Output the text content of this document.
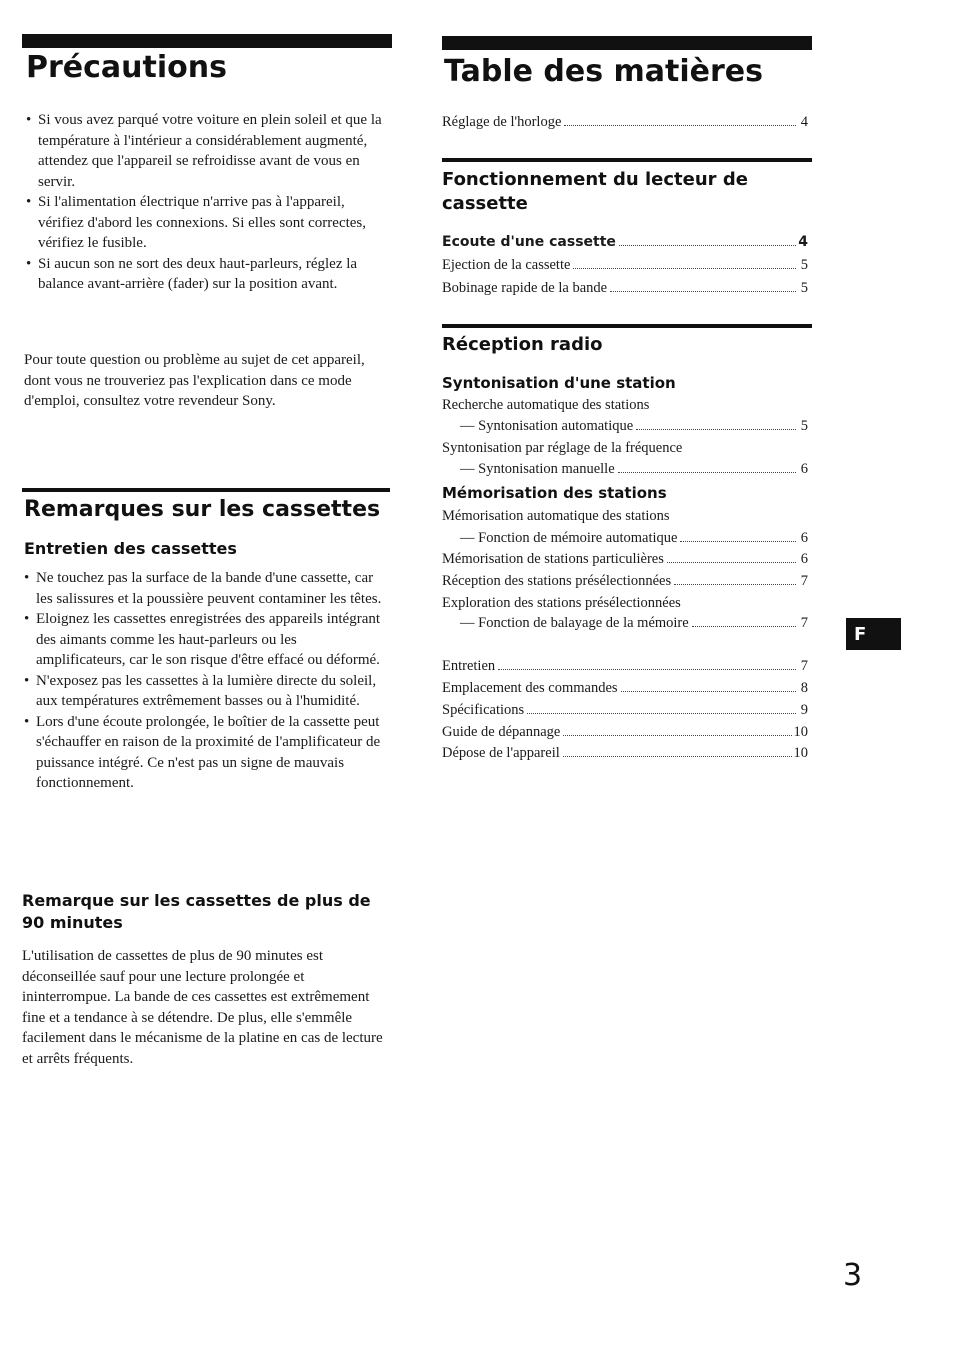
Précautions
• Si vous avez parqué votre voiture en plein soleil et que la température à l'intérieur a considérablement augmenté, attendez que l'appareil se refroidisse avant de vous en servir.
• Si l'alimentation électrique n'arrive pas à l'appareil, vérifiez d'abord les connexions. Si elles sont correctes, vérifiez le fusible.
• Si aucun son ne sort des deux haut-parleurs, réglez la balance avant-arrière (fader) sur la position avant.

Pour toute question ou problème au sujet de cet appareil, dont vous ne trouveriez pas l'explication dans ce mode d'emploi, consultez votre revendeur Sony.

Remarques sur les cassettes
Entretien des cassettes
• Ne touchez pas la surface de la bande d'une cassette, car les salissures et la poussière peuvent contaminer les têtes.
• Eloignez les cassettes enregistrées des appareils intégrant des aimants comme les haut-parleurs ou les amplificateurs, car le son risque d'être effacé ou déformé.
• N'exposez pas les cassettes à la lumière directe du soleil, aux températures extrêmement basses ou à l'humidité.
• Lors d'une écoute prolongée, le boîtier de la cassette peut s'échauffer en raison de la proximité de l'amplificateur de puissance intégré. Ce n'est pas un signe de mauvais fonctionnement.
Remarque sur les cassettes de plus de 90 minutes

L'utilisation de cassettes de plus de 90 minutes est déconseillée sauf pour une lecture prolongée et ininterrompue. La bande de ces cassettes est extrêmement fine et a tendance à se détendre. De plus, elle s'emmêle facilement dans le mécanisme de la platine en cas de lecture et arrêts fréquents.

Table des matières
Réglage de l'horloge	4
Fonctionnement du lecteur de cassette
Ecoute d'une cassette	4
Ejection de la cassette	5
Bobinage rapide de la bande	5
Réception radio
Syntonisation d'une station
Recherche automatique des stations
— Syntonisation automatique	5
Syntonisation par réglage de la fréquence
— Syntonisation manuelle	6
Mémorisation des stations
Mémorisation automatique des stations
— Fonction de mémoire automatique	6
Mémorisation de stations particulières	6
Réception des stations présélectionnées	7
Exploration des stations présélectionnées
— Fonction de balayage de la mémoire	7
Entretien	7
Emplacement des commandes	8
Spécifications	9
Guide de dépannage	10
Dépose de l'appareil	10
F
3
